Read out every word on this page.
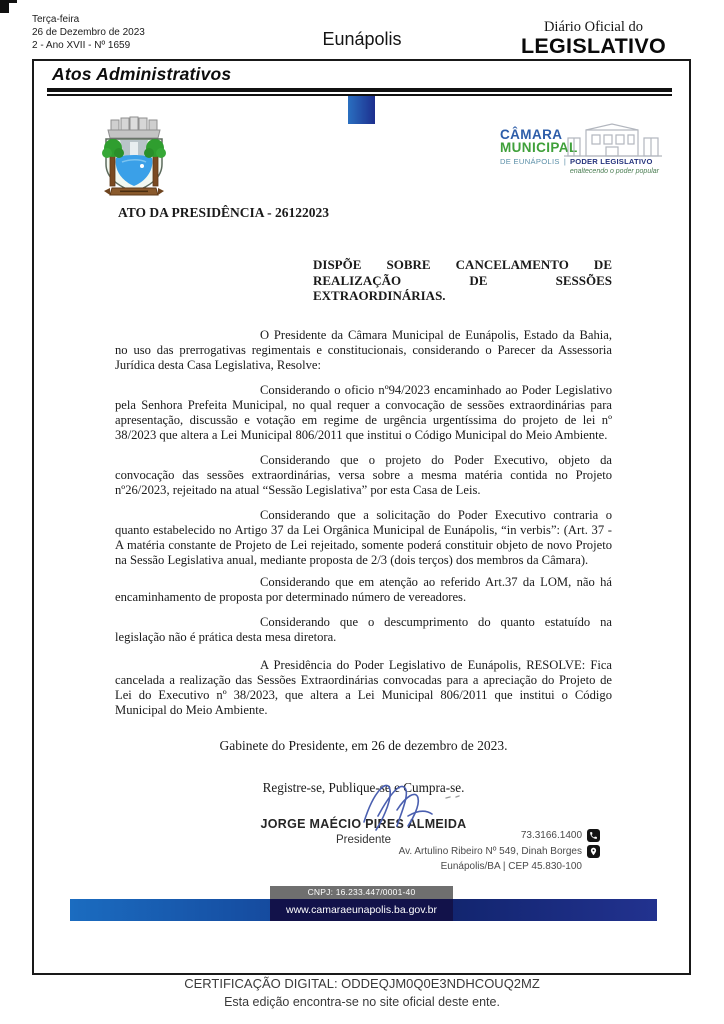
Terça-feira
26 de Dezembro de 2023
2 - Ano XVII - Nº 1659	Eunápolis
Diário Oficial do
LEGISLATIVO
Atos Administrativos
CÂMARA
MUNICIPAL
DE EUNÁPOLIS | PODER LEGISLATIVO
enaltecendo o poder popular
ATO DA PRESIDÊNCIA - 26122023

DISPÕE SOBRE CANCELAMENTO DE REALIZAÇÃO DE SESSÕES EXTRAORDINÁRIAS.

O Presidente da Câmara Municipal de Eunápolis, Estado da Bahia, no uso das prerrogativas regimentais e constitucionais, considerando o Parecer da Assessoria Jurídica desta Casa Legislativa, Resolve:

Considerando o oficio nº94/2023 encaminhado ao Poder Legislativo pela Senhora Prefeita Municipal, no qual requer a convocação de sessões extraordinárias para apresentação, discussão e votação em regime de urgência urgentíssima do projeto de lei nº 38/2023 que altera a Lei Municipal 806/2011 que institui o Código Municipal do Meio Ambiente.

Considerando que o projeto do Poder Executivo, objeto da convocação das sessões extraordinárias, versa sobre a mesma matéria contida no Projeto nº26/2023, rejeitado na atual “Sessão Legislativa” por esta Casa de Leis.

Considerando que a solicitação do Poder Executivo contraria o quanto estabelecido no Artigo 37 da Lei Orgânica Municipal de Eunápolis, “in verbis”: (Art. 37 - A matéria constante de Projeto de Lei rejeitado, somente poderá constituir objeto de novo Projeto na Sessão Legislativa anual, mediante proposta de 2/3 (dois terços) dos membros da Câmara).

Considerando que em atenção ao referido Art.37 da LOM, não há encaminhamento de proposta por determinado número de vereadores.

Considerando que o descumprimento do quanto estatuído na legislação não é prática desta mesa diretora.

A Presidência do Poder Legislativo de Eunápolis, RESOLVE: Fica cancelada a realização das Sessões Extraordinárias convocadas para a apreciação do Projeto de Lei do Executivo nº 38/2023, que altera a Lei Municipal 806/2011 que institui o Código Municipal do Meio Ambiente.

Gabinete do Presidente, em 26 de dezembro de 2023.

Registre-se, Publique-se e Cumpra-se.

JORGE MAÉCIO PIRES ALMEIDA
Presidente	73.3166.1400
Av. Artulino Ribeiro Nº 549, Dinah Borges
Eunápolis/BA | CEP 45.830-100
CNPJ: 16.233.447/0001-40
www.camaraeunapolis.ba.gov.br
CERTIFICAÇÃO DIGITAL: ODDEQJM0Q0E3NDHCOUQ2MZ
Esta edição encontra-se no site oficial deste ente.
